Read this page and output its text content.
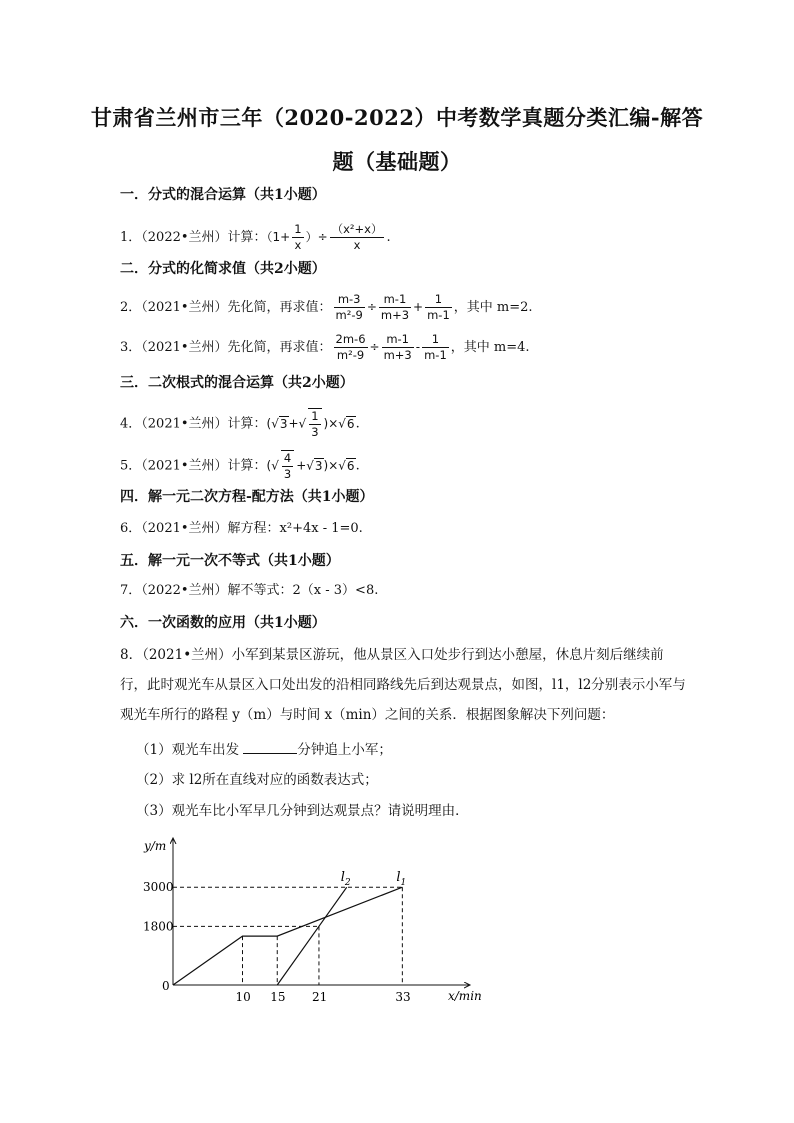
甘肃省兰州市三年（2020-2022）中考数学真题分类汇编-解答
题（基础题）
一．分式的混合运算（共1小题）
1．（2022•兰州）计算：（$1+ \frac{1}{x}$ ）÷ $\frac{\text{（x²+x）}}{x}$ .
二．分式的化简求值（共2小题）
2．（2021•兰州）先化简，再求值： $\frac{m-3}{\text{m²-9}} \div \frac{m-1}{m+3} + \frac{1}{m-1}$ ，其中 m=2.
3．（2021•兰州）先化简，再求值： $\frac{2m-6}{\text{m²-9}} \div \frac{m-1}{m+3} - \frac{1}{m-1}$ ，其中 m=4.
三．二次根式的混合运算（共2小题）
4．（2021•兰州）计算：$(√3+√ \frac{1}{3} )\times√6$.
5．（2021•兰州）计算：(√ $\frac{4}{3} +√3)\times√6$.
四．解一元二次方程-配方法（共1小题）
6．（2021•兰州）解方程：x²+4x - 1=0.
五．解一元一次不等式（共1小题）
7．（2022•兰州）解不等式：2（x - 3）<8.
六．一次函数的应用（共1小题）
8．（2021•兰州）小军到某景区游玩，他从景区入口处步行到达小憩屋，休息片刻后继续前行，此时观光车从景区入口处出发的沿相同路线先后到达观景点，如图，l1，l2分别表示小军与观光车所行的路程 y（m）与时间 x（min）之间的关系．根据图象解决下列问题：
（1）观光车出发	分钟追上小军；
（2）求 l2所在直线对应的函数表达式；
（3）观光车比小军早几分钟到达观景点？请说明理由．
y/m
x/min
0
1800
3000
10 15 21	33
$l_1$
$l_2$
